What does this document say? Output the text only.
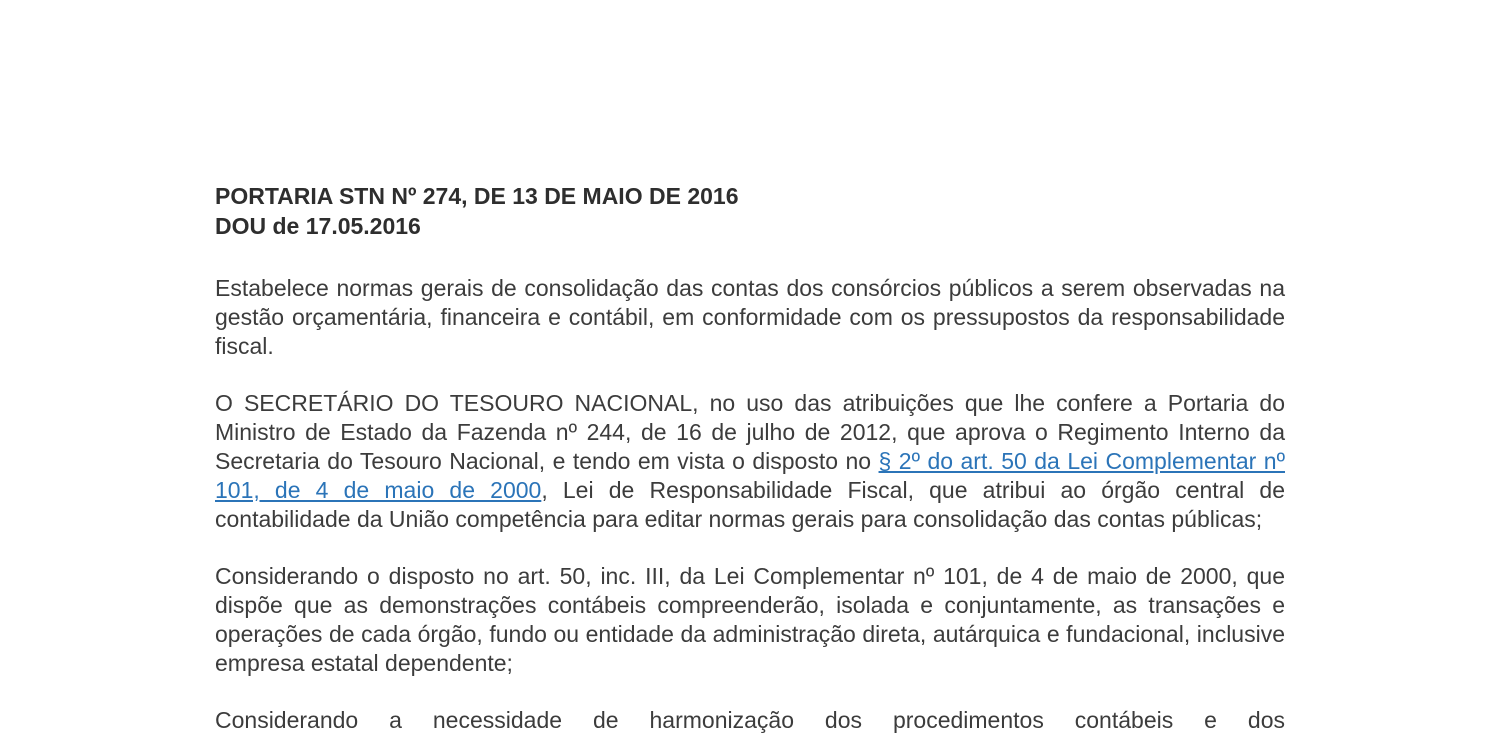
PORTARIA STN Nº 274, DE 13 DE MAIO DE 2016
DOU de 17.05.2016

Estabelece normas gerais de consolidação das contas dos consórcios públicos a serem observadas na gestão orçamentária, financeira e contábil, em conformidade com os pressupostos da responsabilidade fiscal.

O SECRETÁRIO DO TESOURO NACIONAL, no uso das atribuições que lhe confere a Portaria do Ministro de Estado da Fazenda nº 244, de 16 de julho de 2012, que aprova o Regimento Interno da Secretaria do Tesouro Nacional, e tendo em vista o disposto no § 2º do art. 50 da Lei Complementar nº 101, de 4 de maio de 2000, Lei de Responsabilidade Fiscal, que atribui ao órgão central de contabilidade da União competência para editar normas gerais para consolidação das contas públicas;

Considerando o disposto no art. 50, inc. III, da Lei Complementar nº 101, de 4 de maio de 2000, que dispõe que as demonstrações contábeis compreenderão, isolada e conjuntamente, as transações e operações de cada órgão, fundo ou entidade da administração direta, autárquica e fundacional, inclusive empresa estatal dependente;

Considerando a necessidade de harmonização dos procedimentos contábeis e dos
